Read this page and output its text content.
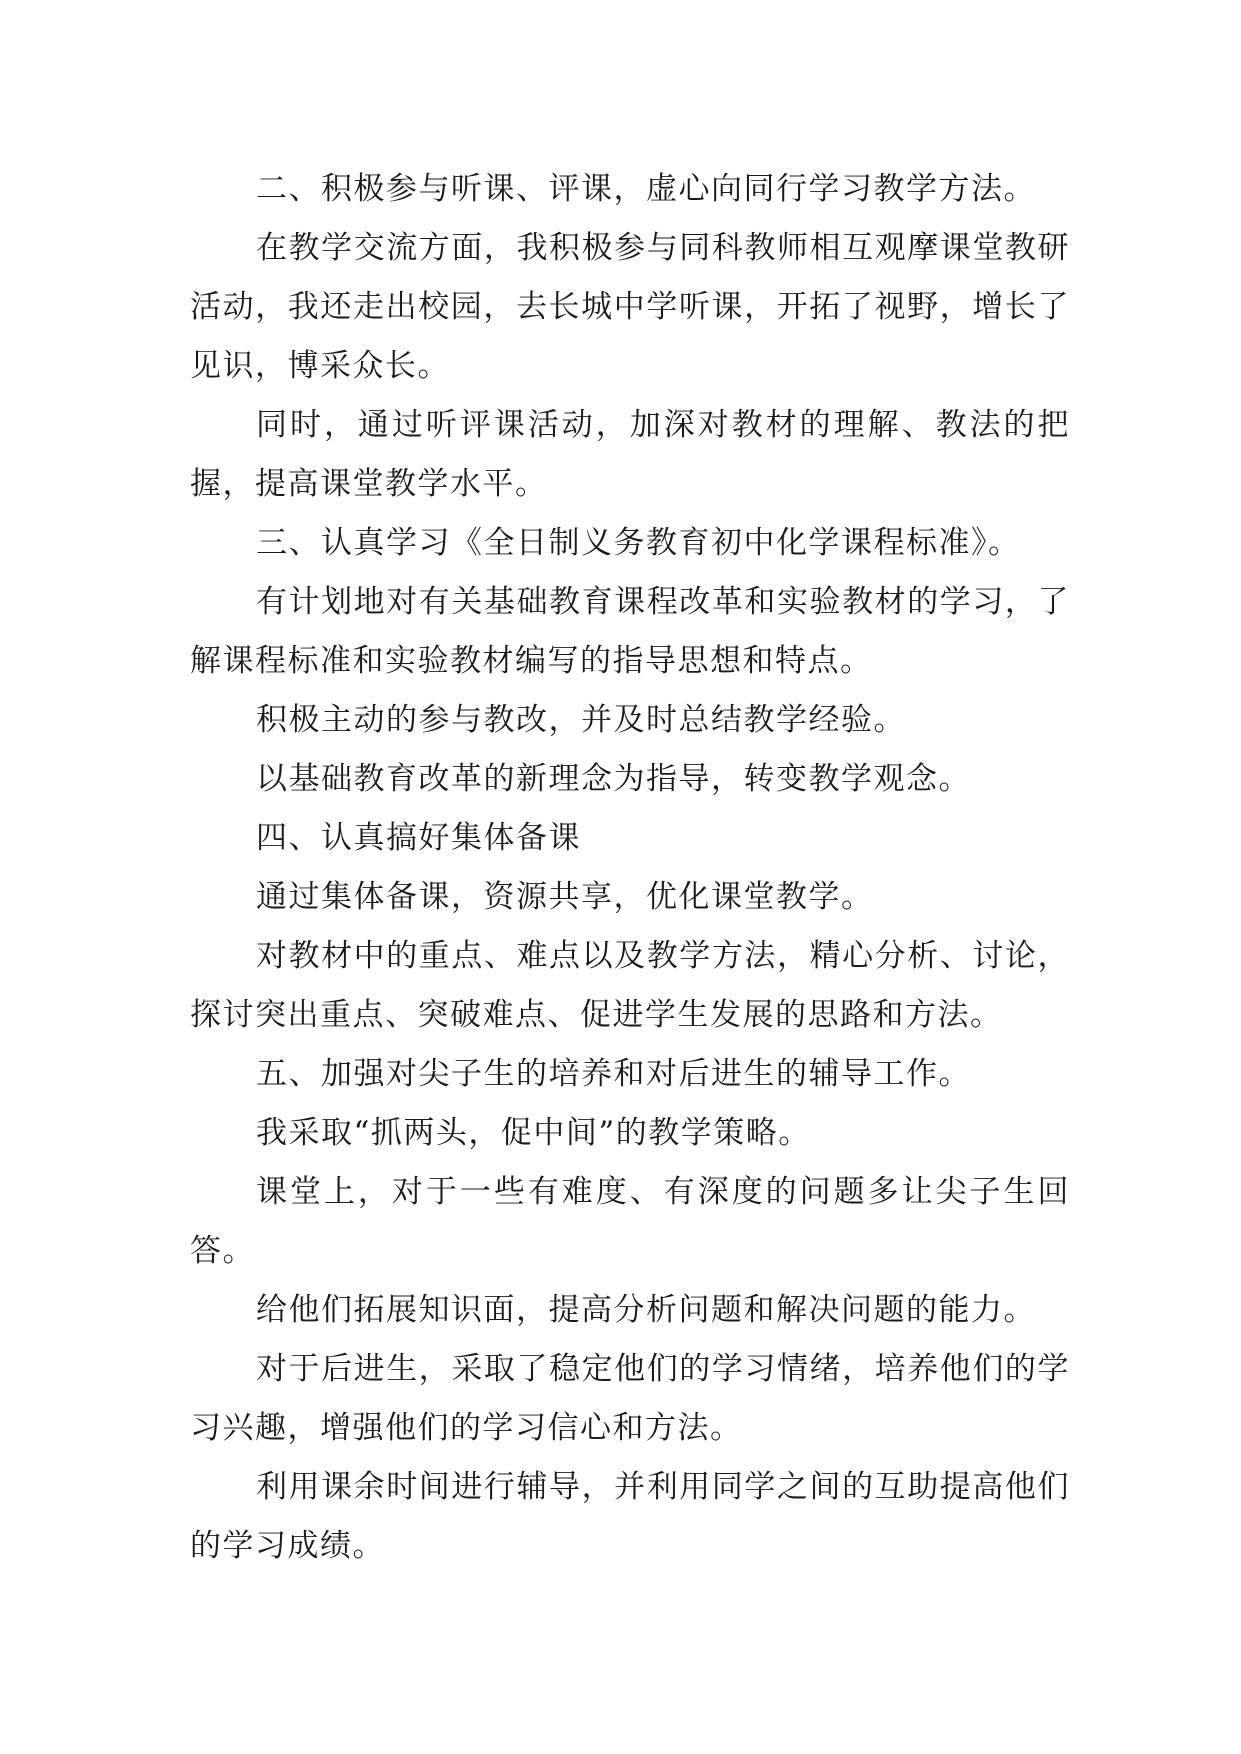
二、积极参与听课、评课，虚心向同行学习教学方法。

在教学交流方面，我积极参与同科教师相互观摩课堂教研活动，我还走出校园，去长城中学听课，开拓了视野，增长了见识，博采众长。

同时，通过听评课活动，加深对教材的理解、教法的把握，提高课堂教学水平。

三、认真学习《全日制义务教育初中化学课程标准》。

有计划地对有关基础教育课程改革和实验教材的学习，了解课程标准和实验教材编写的指导思想和特点。

积极主动的参与教改，并及时总结教学经验。

以基础教育改革的新理念为指导，转变教学观念。

四、认真搞好集体备课

通过集体备课，资源共享，优化课堂教学。

对教材中的重点、难点以及教学方法，精心分析、讨论，探讨突出重点、突破难点、促进学生发展的思路和方法。

五、加强对尖子生的培养和对后进生的辅导工作。

我采取“抓两头，促中间”的教学策略。

课堂上，对于一些有难度、有深度的问题多让尖子生回答。

给他们拓展知识面，提高分析问题和解决问题的能力。

对于后进生，采取了稳定他们的学习情绪，培养他们的学习兴趣，增强他们的学习信心和方法。

利用课余时间进行辅导，并利用同学之间的互助提高他们的学习成绩。
